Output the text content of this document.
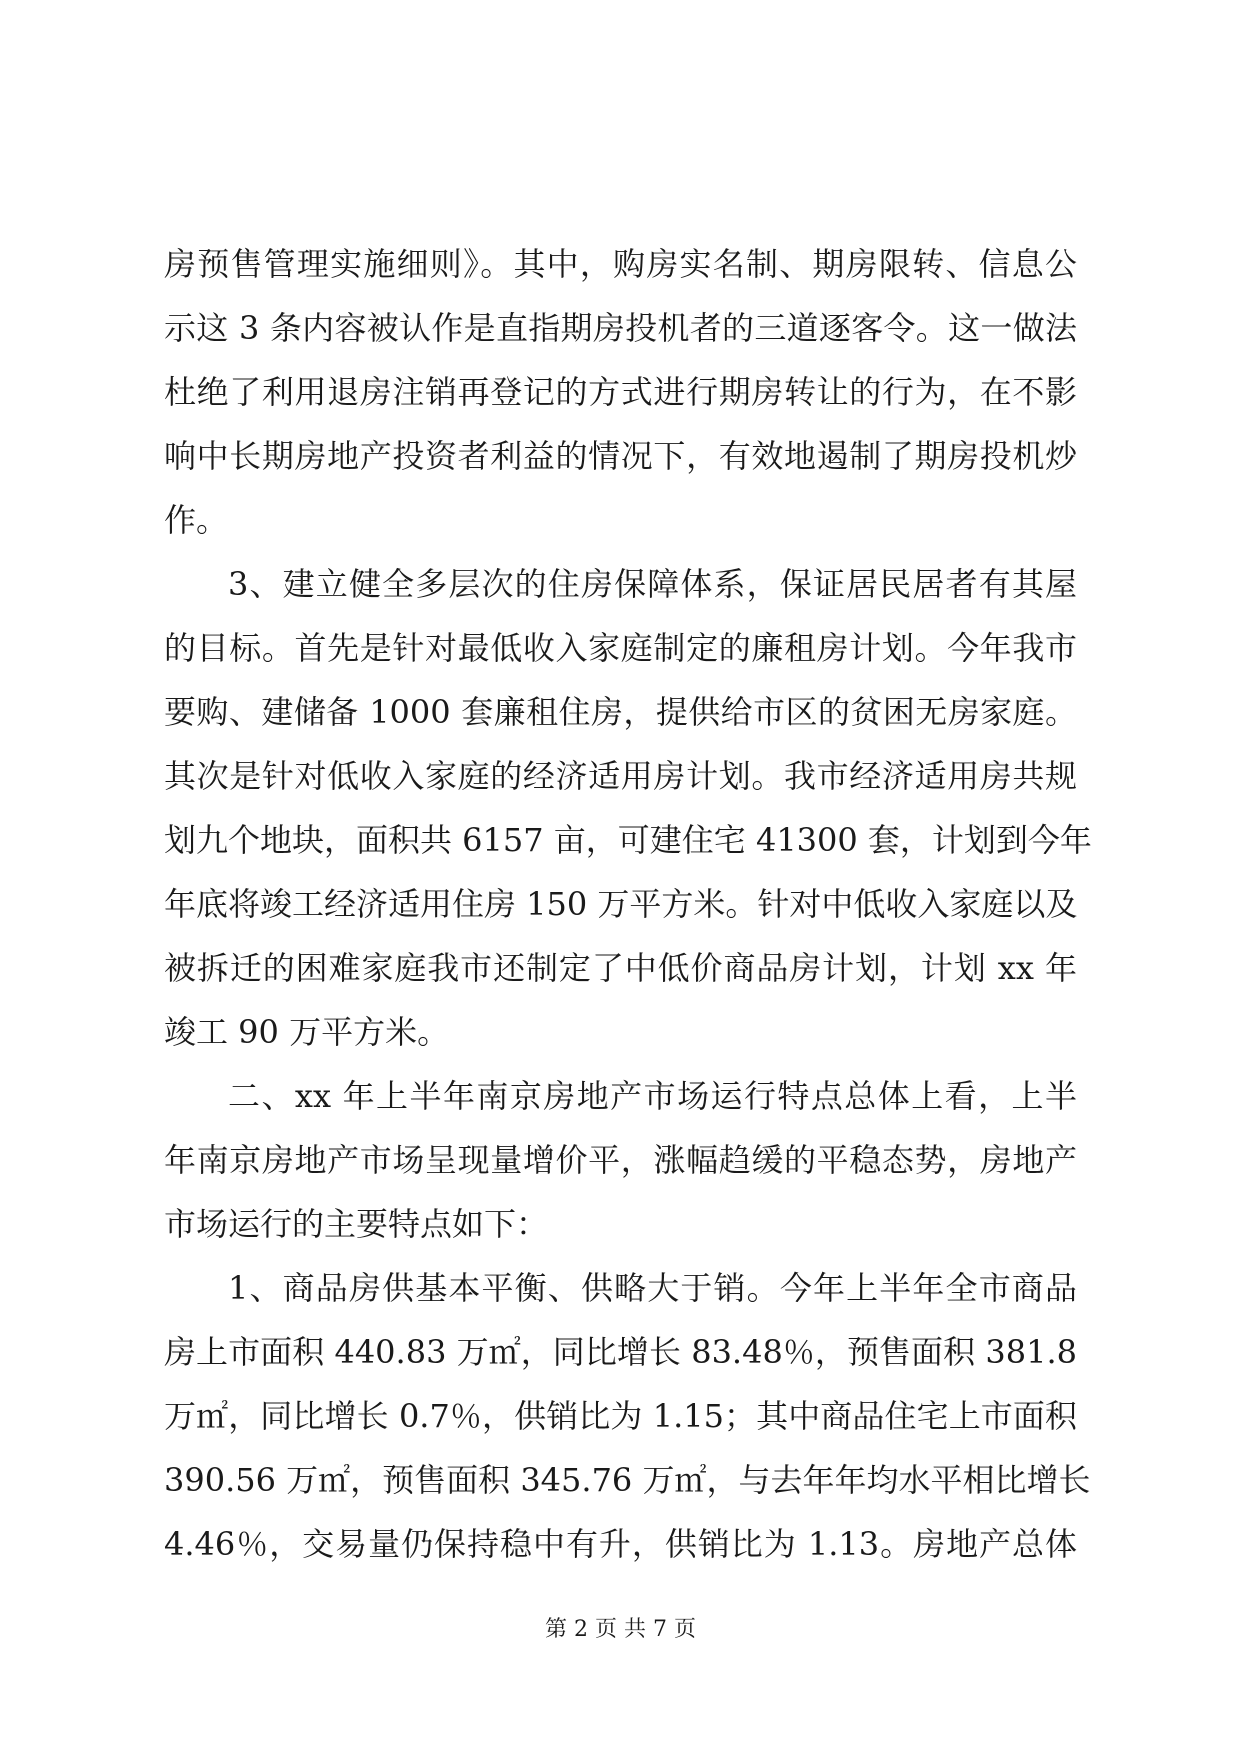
房预售管理实施细则》。其中，购房实名制、期房限转、信息公
示这 3 条内容被认作是直指期房投机者的三道逐客令。这一做法
杜绝了利用退房注销再登记的方式进行期房转让的行为，在不影
响中长期房地产投资者利益的情况下，有效地遏制了期房投机炒
作。
3、建立健全多层次的住房保障体系，保证居民居者有其屋
的目标。首先是针对最低收入家庭制定的廉租房计划。今年我市
要购、建储备 1000 套廉租住房，提供给市区的贫困无房家庭。
其次是针对低收入家庭的经济适用房计划。我市经济适用房共规
划九个地块，面积共 6157 亩，可建住宅 41300 套，计划到今年
年底将竣工经济适用住房 150 万平方米。针对中低收入家庭以及
被拆迁的困难家庭我市还制定了中低价商品房计划，计划 xx 年
竣工 90 万平方米。
二、xx 年上半年南京房地产市场运行特点总体上看，上半
年南京房地产市场呈现量增价平，涨幅趋缓的平稳态势，房地产
市场运行的主要特点如下：
1、商品房供基本平衡、供略大于销。今年上半年全市商品
房上市面积 440.83 万㎡，同比增长 83.48％，预售面积 381.8
万㎡，同比增长 0.7％，供销比为 1.15；其中商品住宅上市面积
390.56 万㎡，预售面积 345.76 万㎡，与去年年均水平相比增长
4.46％，交易量仍保持稳中有升，供销比为 1.13。房地产总体
第 2 页 共 7 页
